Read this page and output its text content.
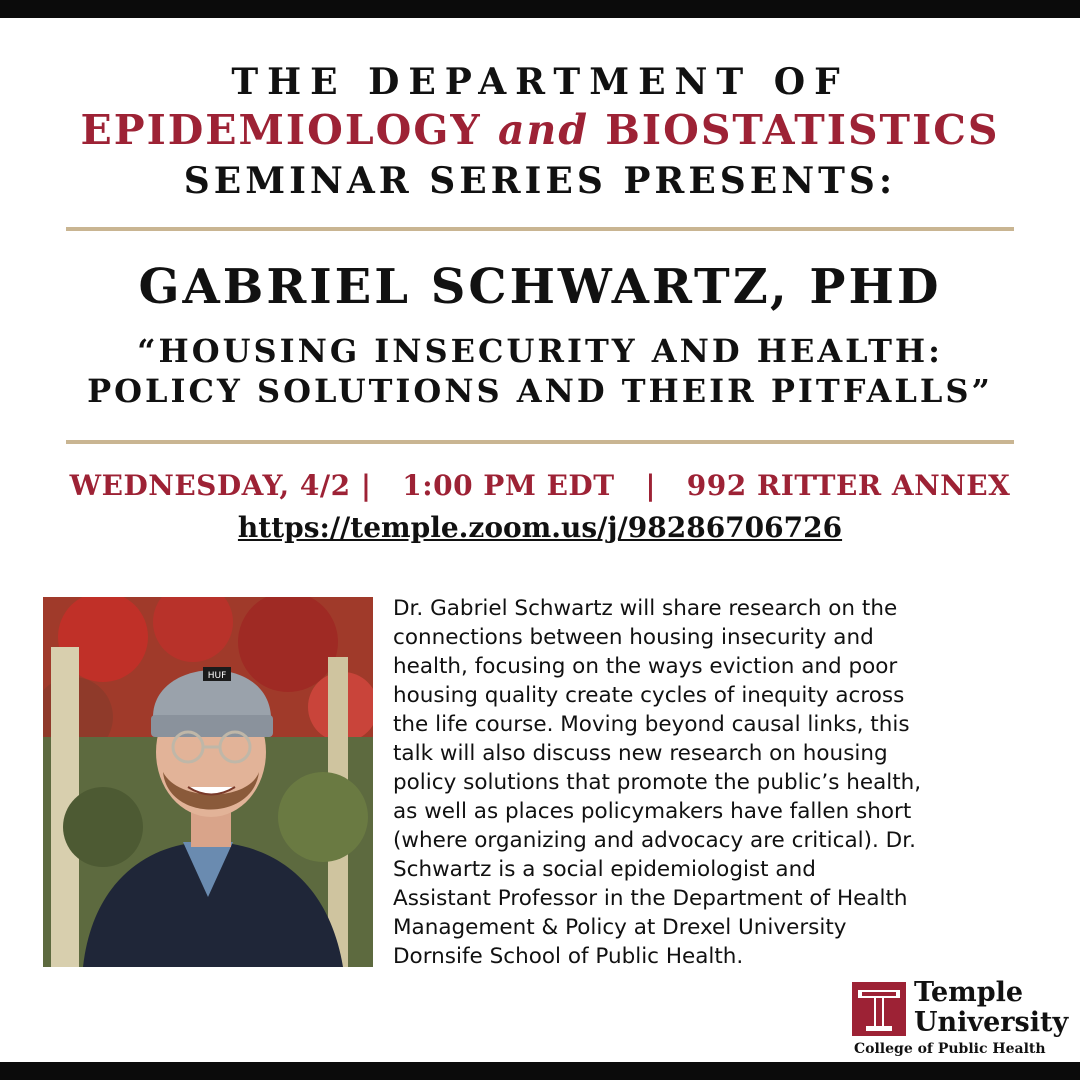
THE DEPARTMENT OF
EPIDEMIOLOGY and BIOSTATISTICS
SEMINAR SERIES PRESENTS:
GABRIEL SCHWARTZ, PHD
“HOUSING INSECURITY AND HEALTH:
POLICY SOLUTIONS AND THEIR PITFALLS”
WEDNESDAY, 4/2 | 1:00 PM EDT | 992 RITTER ANNEX
https://temple.zoom.us/j/98286706726
HUF
Dr. Gabriel Schwartz will share research on the
connections between housing insecurity and
health, focusing on the ways eviction and poor
housing quality create cycles of inequity across
the life course. Moving beyond causal links, this
talk will also discuss new research on housing
policy solutions that promote the public’s health,
as well as places policymakers have fallen short
(where organizing and advocacy are critical). Dr.
Schwartz is a social epidemiologist and
Assistant Professor in the Department of Health
Management & Policy at Drexel University
Dornsife School of Public Health.
Temple
University
College of Public Health
